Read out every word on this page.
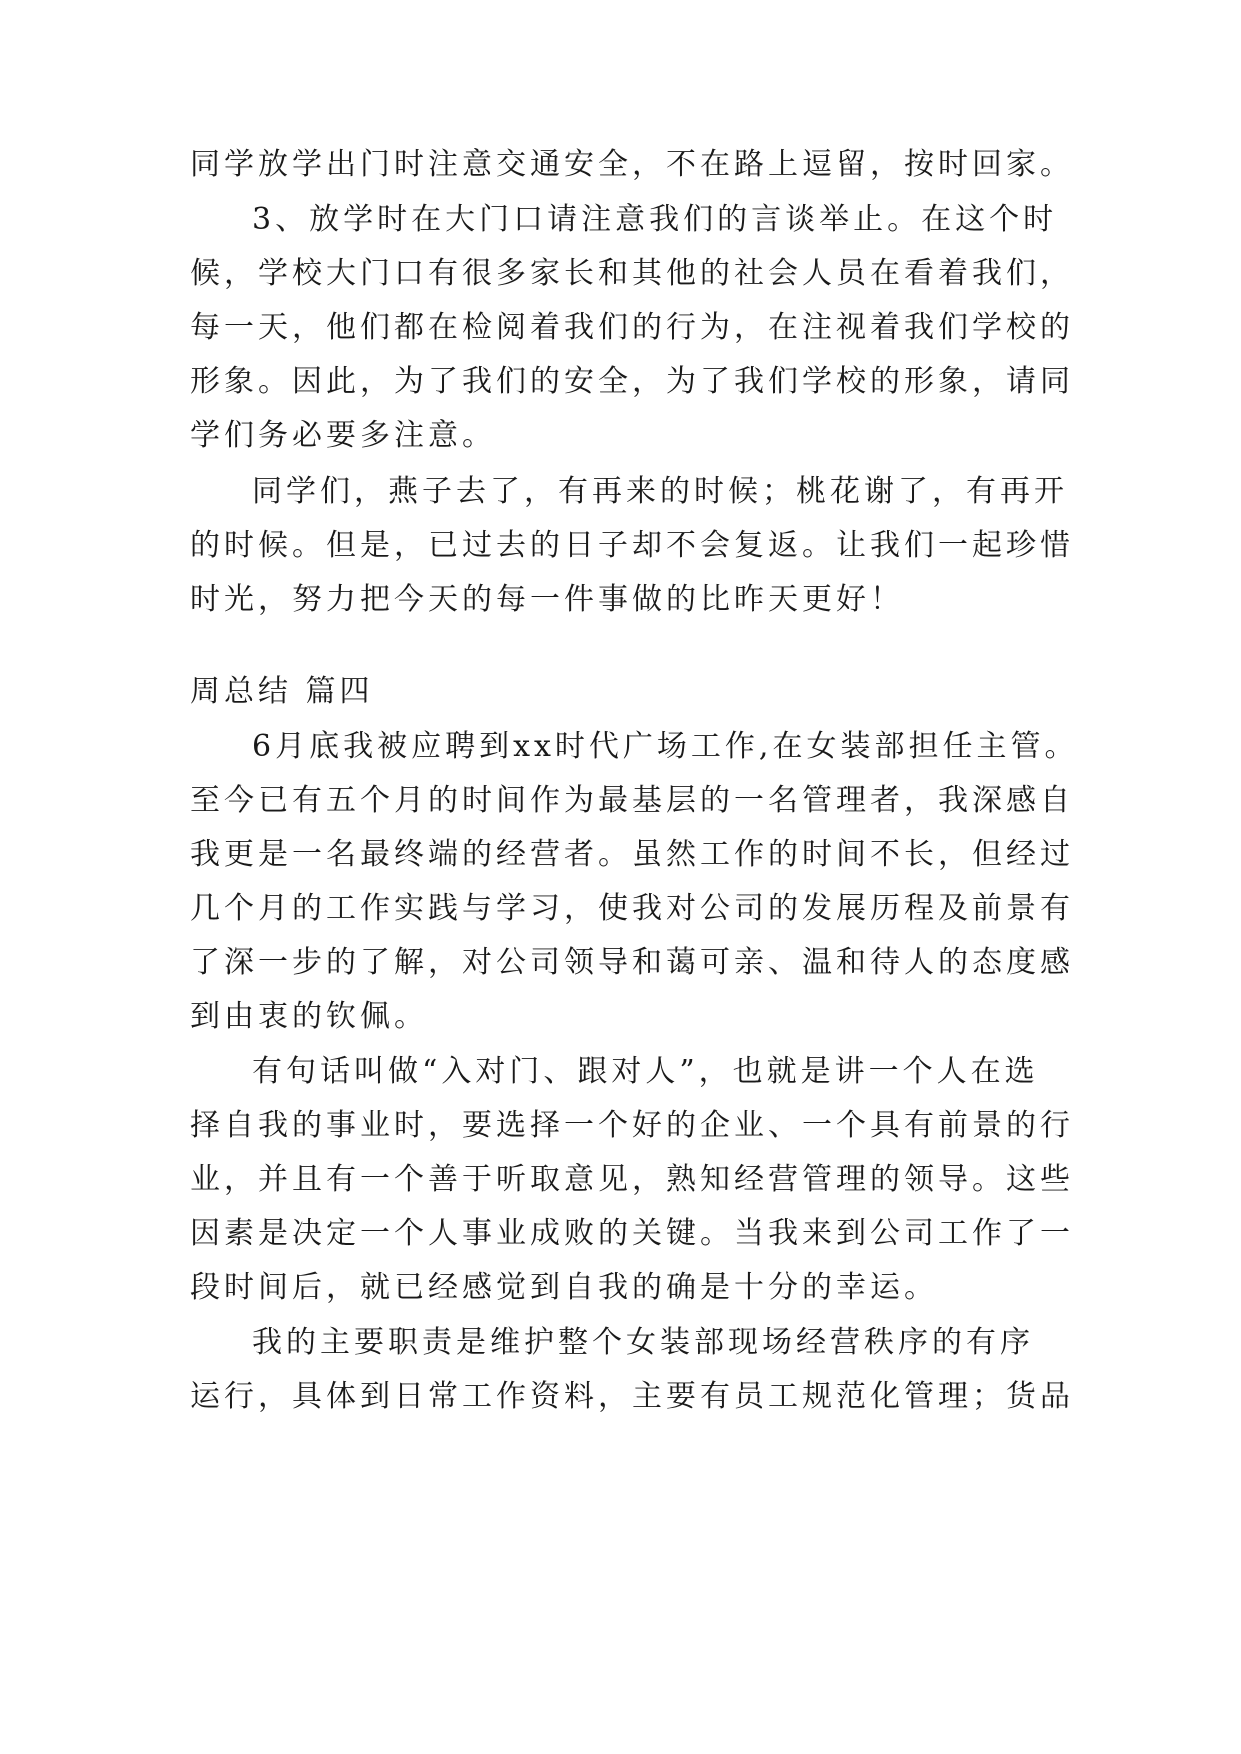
同学放学出门时注意交通安全，不在路上逗留，按时回家。
3、放学时在大门口请注意我们的言谈举止。在这个时
候，学校大门口有很多家长和其他的社会人员在看着我们，
每一天，他们都在检阅着我们的行为，在注视着我们学校的
形象。因此，为了我们的安全，为了我们学校的形象，请同
学们务必要多注意。
同学们，燕子去了，有再来的时候；桃花谢了，有再开
的时候。但是，已过去的日子却不会复返。让我们一起珍惜
时光，努力把今天的每一件事做的比昨天更好！
周总结 篇四
6月底我被应聘到xx时代广场工作,在女装部担任主管。
至今已有五个月的时间作为最基层的一名管理者，我深感自
我更是一名最终端的经营者。虽然工作的时间不长，但经过
几个月的工作实践与学习，使我对公司的发展历程及前景有
了深一步的了解，对公司领导和蔼可亲、温和待人的态度感
到由衷的钦佩。
有句话叫做“入对门、跟对人”，也就是讲一个人在选
择自我的事业时，要选择一个好的企业、一个具有前景的行
业，并且有一个善于听取意见，熟知经营管理的领导。这些
因素是决定一个人事业成败的关键。当我来到公司工作了一
段时间后，就已经感觉到自我的确是十分的幸运。
我的主要职责是维护整个女装部现场经营秩序的有序
运行，具体到日常工作资料，主要有员工规范化管理；货品
